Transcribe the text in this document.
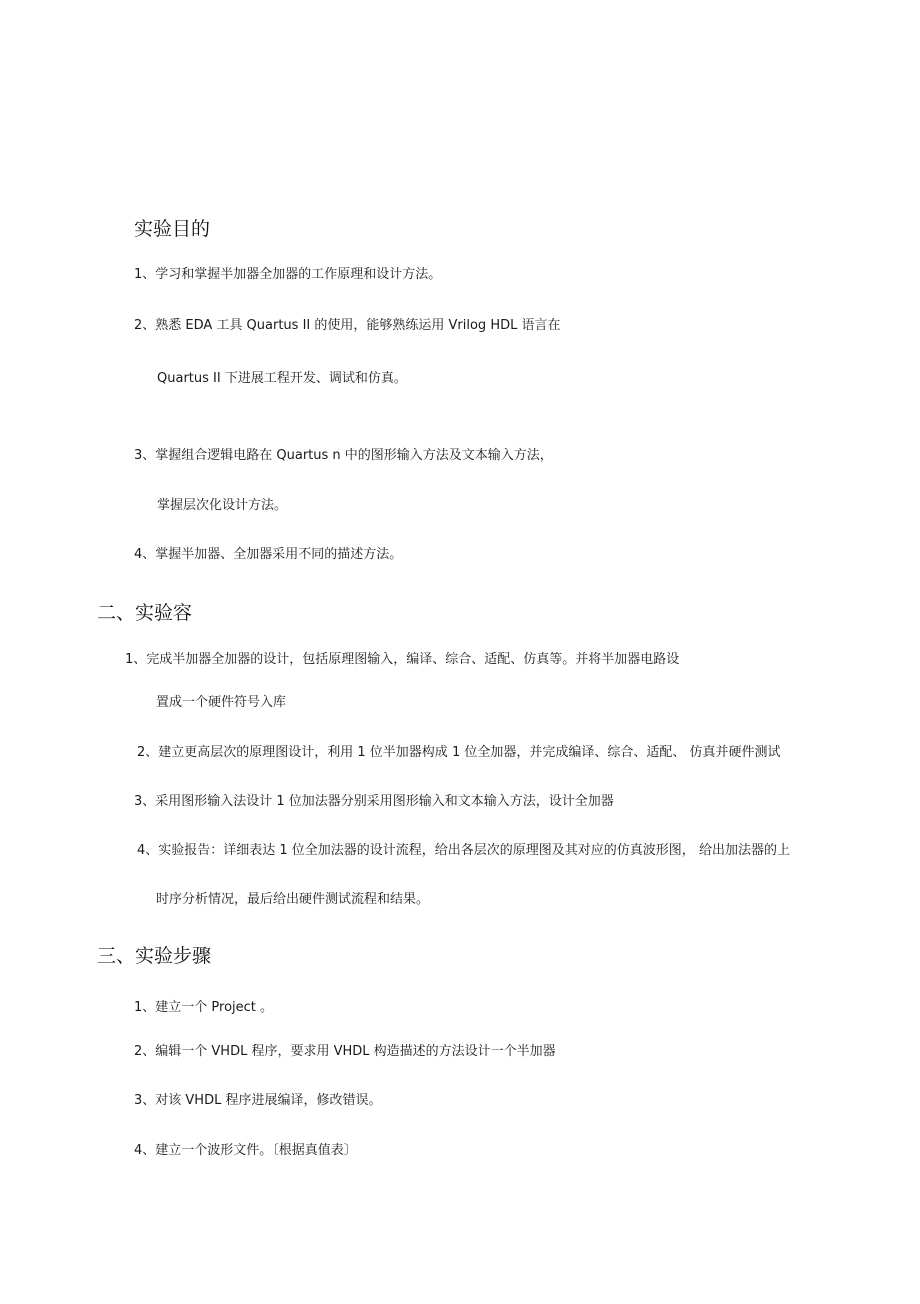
实验目的
1、学习和掌握半加器全加器的工作原理和设计方法。
2、熟悉 EDA 工具 Quartus II 的使用，能够熟练运用 Vrilog HDL 语言在
Quartus II 下进展工程开发、调试和仿真。
3、掌握组合逻辑电路在 Quartus n 中的图形输入方法及文本输入方法，
掌握层次化设计方法。
4、掌握半加器、全加器采用不同的描述方法。
二、实验容
1、完成半加器全加器的设计，包括原理图输入，编译、综合、适配、仿真等。并将半加器电路设
置成一个硬件符号入库
2、建立更高层次的原理图设计，利用 1 位半加器构成 1 位全加器，并完成编译、综合、适配、 仿真并硬件测试
3、采用图形输入法设计 1 位加法器分别采用图形输入和文本输入方法，设计全加器
4、实验报告：详细表达 1 位全加法器的设计流程，给出各层次的原理图及其对应的仿真波形图， 给出加法器的上
时序分析情况，最后给出硬件测试流程和结果。
三、实验步骤
1、建立一个 Project 。
2、编辑一个 VHDL 程序，要求用 VHDL 构造描述的方法设计一个半加器
3、对该 VHDL 程序进展编译，修改错误。
4、建立一个波形文件。〔根据真值表〕
